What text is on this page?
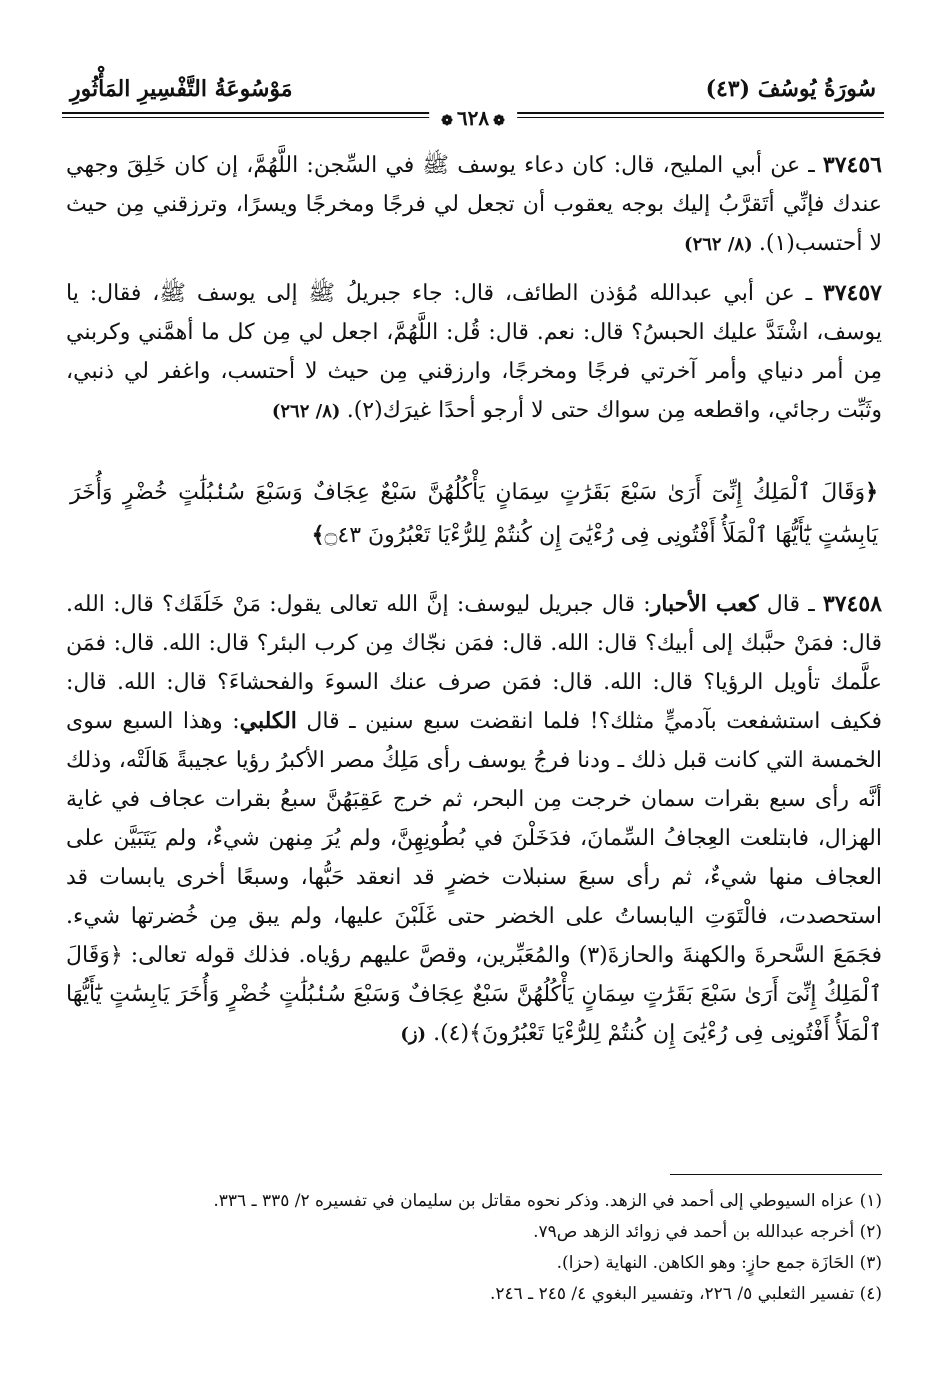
مَوْسُوعَةُ التَّفْسِيرِ المَأْثُورِ	سُورَةُ يُوسُفَ (٤٣)
❁ ٦٢٨ ❁

٣٧٤٥٦ ـ عن أبي المليح، قال: كان دعاء يوسف ﷺ في السِّجن: اللَّهُمَّ، إن كان خَلِقَ وجهي عندك فإنِّي أتَقرَّبُ إليك بوجه يعقوب أن تجعل لي فرجًا ومخرجًا ويسرًا، وترزقني مِن حيث لا أحتسب(١). (٨/ ٢٦٢)

٣٧٤٥٧ ـ عن أبي عبدالله مُؤذن الطائف، قال: جاء جبريلُ ﷺ إلى يوسف ﷺ، فقال: يا يوسف، اشْتَدَّ عليك الحبسُ؟ قال: نعم. قال: قُل: اللَّهُمَّ، اجعل لي مِن كل ما أهمَّني وكربني مِن أمر دنياي وأمر آخرتي فرجًا ومخرجًا، وارزقني مِن حيث لا أحتسب، واغفر لي ذنبي، وثَبِّت رجائي، واقطعه مِن سواك حتى لا أرجو أحدًا غيرَك(٢). (٨/ ٢٦٢)

﴿وَقَالَ ٱلْمَلِكُ إِنِّىٓ أَرَىٰ سَبْعَ بَقَرَٰتٍ سِمَانٍ يَأْكُلُهُنَّ سَبْعٌ عِجَافٌ وَسَبْعَ سُنۢبُلَٰتٍ خُضْرٍ وَأُخَرَ يَابِسَٰتٍ يَٰٓأَيُّهَا ٱلْمَلَأُ أَفْتُونِى فِى رُءْيَٰىَ إِن كُنتُمْ لِلرُّءْيَا تَعْبُرُونَ ۝٤٣﴾

٣٧٤٥٨ ـ قال كعب الأحبار: قال جبريل ليوسف: إنَّ الله تعالى يقول: مَنْ خَلَقَك؟ قال: الله. قال: فمَنْ حبَّبك إلى أبيك؟ قال: الله. قال: فمَن نجّاك مِن كرب البئر؟ قال: الله. قال: فمَن علَّمك تأويل الرؤيا؟ قال: الله. قال: فمَن صرف عنك السوءَ والفحشاءَ؟ قال: الله. قال: فكيف استشفعت بآدميٍّ مثلك؟! فلما انقضت سبع سنين ـ قال الكلبي: وهذا السبع سوى الخمسة التي كانت قبل ذلك ـ ودنا فرجُ يوسف رأى مَلِكُ مصر الأكبرُ رؤيا عجيبةً هَالَتْه، وذلك أنَّه رأى سبع بقرات سمان خرجت مِن البحر، ثم خرج عَقِبَهُنَّ سبعُ بقرات عجاف في غاية الهزال، فابتلعت العِجافُ السِّمانَ، فدَخَلْنَ في بُطُونِهِنَّ، ولم يُرَ مِنهن شيءٌ، ولم يَتَبَيَّن على العجاف منها شيءٌ، ثم رأى سبعَ سنبلات خضرٍ قد انعقد حَبُّها، وسبعًا أخرى يابسات قد استحصدت، فالْتَوَتِ اليابساتُ على الخضر حتى غَلَبْنَ عليها، ولم يبق مِن خُضرتها شيء. فجَمَعَ السَّحرةَ والكهنةَ والحازةَ(٣) والمُعَبِّرين، وقصَّ عليهم رؤياه. فذلك قوله تعالى: ﴿وَقَالَ ٱلْمَلِكُ إِنِّىٓ أَرَىٰ سَبْعَ بَقَرَٰتٍ سِمَانٍ يَأْكُلُهُنَّ سَبْعٌ عِجَافٌ وَسَبْعَ سُنۢبُلَٰتٍ خُضْرٍ وَأُخَرَ يَابِسَٰتٍ يَٰٓأَيُّهَا ٱلْمَلَأُ أَفْتُونِى فِى رُءْيَٰىَ إِن كُنتُمْ لِلرُّءْيَا تَعْبُرُونَ﴾(٤). (ز)

(١) عزاه السيوطي إلى أحمد في الزهد. وذكر نحوه مقاتل بن سليمان في تفسيره ٢/ ٣٣٥ ـ ٣٣٦.

(٢) أخرجه عبدالله بن أحمد في زوائد الزهد ص٧٩.

(٣) الحَازَة جمع حازٍ: وهو الكاهن. النهاية (حزا).

(٤) تفسير الثعلبي ٥/ ٢٢٦، وتفسير البغوي ٤/ ٢٤٥ ـ ٢٤٦.
